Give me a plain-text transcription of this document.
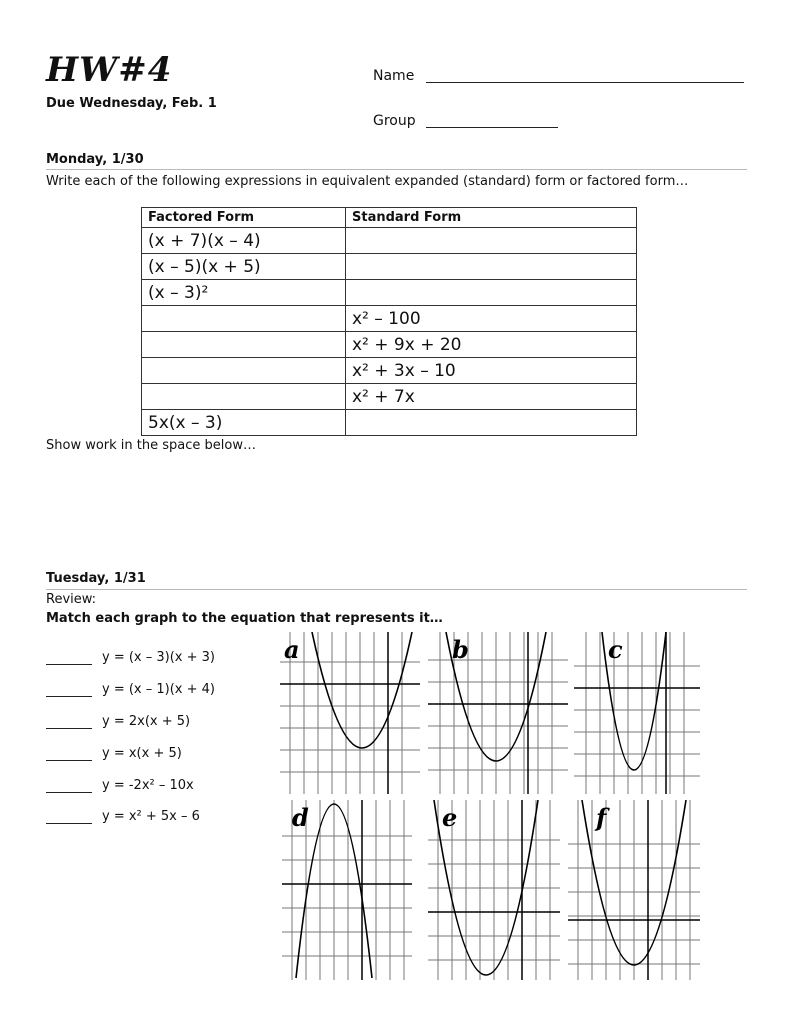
HW#4
Due Wednesday, Feb. 1
Name
Group
Monday, 1/30
Write each of the following expressions in equivalent expanded (standard) form or factored form…
Factored Form	Standard Form
(x + 7)(x – 4)	
(x – 5)(x + 5)	
(x – 3)²	
	x² – 100
	x² + 9x + 20
	x² + 3x – 10
	x² + 7x
5x(x – 3)	
Show work in the space below…
Tuesday, 1/31
Review:
Match each graph to the equation that represents it…
y = (x – 3)(x + 3)
y = (x – 1)(x + 4)
y = 2x(x + 5)
y = x(x + 5)
y = -2x² – 10x
y = x² + 5x – 6
a	b	c
d	e	f
